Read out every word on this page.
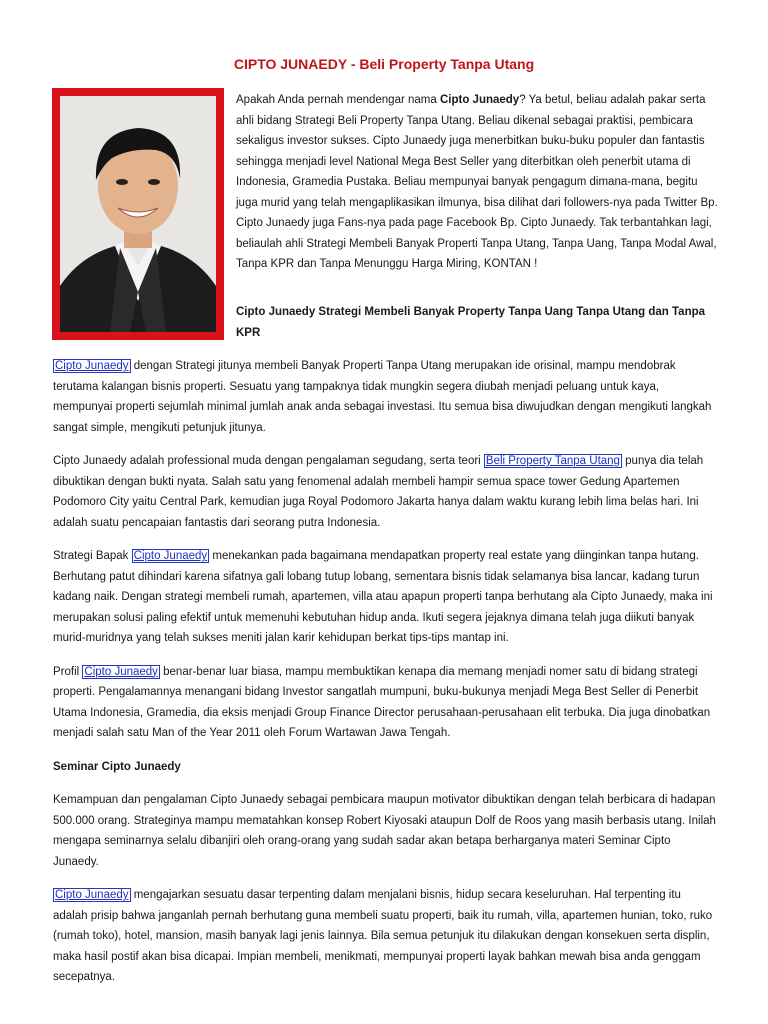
CIPTO JUNAEDY - Beli Property Tanpa Utang

Apakah Anda pernah mendengar nama Cipto Junaedy? Ya betul, beliau adalah pakar serta ahli bidang Strategi Beli Property Tanpa Utang. Beliau dikenal sebagai praktisi, pembicara sekaligus investor sukses. Cipto Junaedy juga menerbitkan buku-buku populer dan fantastis sehingga menjadi level National Mega Best Seller yang diterbitkan oleh penerbit utama di Indonesia, Gramedia Pustaka. Beliau mempunyai banyak pengagum dimana-mana, begitu juga murid yang telah mengaplikasikan ilmunya, bisa dilihat dari followers-nya pada Twitter Bp. Cipto Junaedy juga Fans-nya pada page Facebook Bp. Cipto Junaedy. Tak terbantahkan lagi, beliaulah ahli Strategi Membeli Banyak Properti Tanpa Utang, Tanpa Uang, Tanpa Modal Awal, Tanpa KPR dan Tanpa Menunggu Harga Miring, KONTAN !

Cipto Junaedy Strategi Membeli Banyak Property Tanpa Uang Tanpa Utang dan Tanpa KPR

Cipto Junaedy dengan Strategi jitunya membeli Banyak Properti Tanpa Utang merupakan ide orisinal, mampu mendobrak terutama kalangan bisnis properti. Sesuatu yang tampaknya tidak mungkin segera diubah menjadi peluang untuk kaya, mempunyai properti sejumlah minimal jumlah anak anda sebagai investasi. Itu semua bisa diwujudkan dengan mengikuti langkah sangat simple, mengikuti petunjuk jitunya.

Cipto Junaedy adalah professional muda dengan pengalaman segudang, serta teori Beli Property Tanpa Utang punya dia telah dibuktikan dengan bukti nyata. Salah satu yang fenomenal adalah membeli hampir semua space tower Gedung Apartemen Podomoro City yaitu Central Park, kemudian juga Royal Podomoro Jakarta hanya dalam waktu kurang lebih lima belas hari. Ini adalah suatu pencapaian fantastis dari seorang putra Indonesia.

Strategi Bapak Cipto Junaedy menekankan pada bagaimana mendapatkan property real estate yang diinginkan tanpa hutang. Berhutang patut dihindari karena sifatnya gali lobang tutup lobang, sementara bisnis tidak selamanya bisa lancar, kadang turun kadang naik. Dengan strategi membeli rumah, apartemen, villa atau apapun properti tanpa berhutang ala Cipto Junaedy, maka ini merupakan solusi paling efektif untuk memenuhi kebutuhan hidup anda. Ikuti segera jejaknya dimana telah juga diikuti banyak murid-muridnya yang telah sukses meniti jalan karir kehidupan berkat tips-tips mantap ini.

Profil Cipto Junaedy benar-benar luar biasa, mampu membuktikan kenapa dia memang menjadi nomer satu di bidang strategi properti. Pengalamannya menangani bidang Investor sangatlah mumpuni, buku-bukunya menjadi Mega Best Seller di Penerbit Utama Indonesia, Gramedia, dia eksis menjadi Group Finance Director perusahaan-perusahaan elit terbuka. Dia juga dinobatkan menjadi salah satu Man of the Year 2011 oleh Forum Wartawan Jawa Tengah.

Seminar Cipto Junaedy

Kemampuan dan pengalaman Cipto Junaedy sebagai pembicara maupun motivator dibuktikan dengan telah berbicara di hadapan 500.000 orang. Strateginya mampu mematahkan konsep Robert Kiyosaki ataupun Dolf de Roos yang masih berbasis utang. Inilah mengapa seminarnya selalu dibanjiri oleh orang-orang yang sudah sadar akan betapa berharganya materi Seminar Cipto Junaedy.

Cipto Junaedy mengajarkan sesuatu dasar terpenting dalam menjalani bisnis, hidup secara keseluruhan. Hal terpenting itu adalah prisip bahwa janganlah pernah berhutang guna membeli suatu properti, baik itu rumah, villa, apartemen hunian, toko, ruko (rumah toko), hotel, mansion, masih banyak lagi jenis lainnya. Bila semua petunjuk itu dilakukan dengan konsekuen serta displin, maka hasil postif akan bisa dicapai. Impian membeli, menikmati, mempunyai properti layak bahkan mewah bisa anda genggam secepatnya.
